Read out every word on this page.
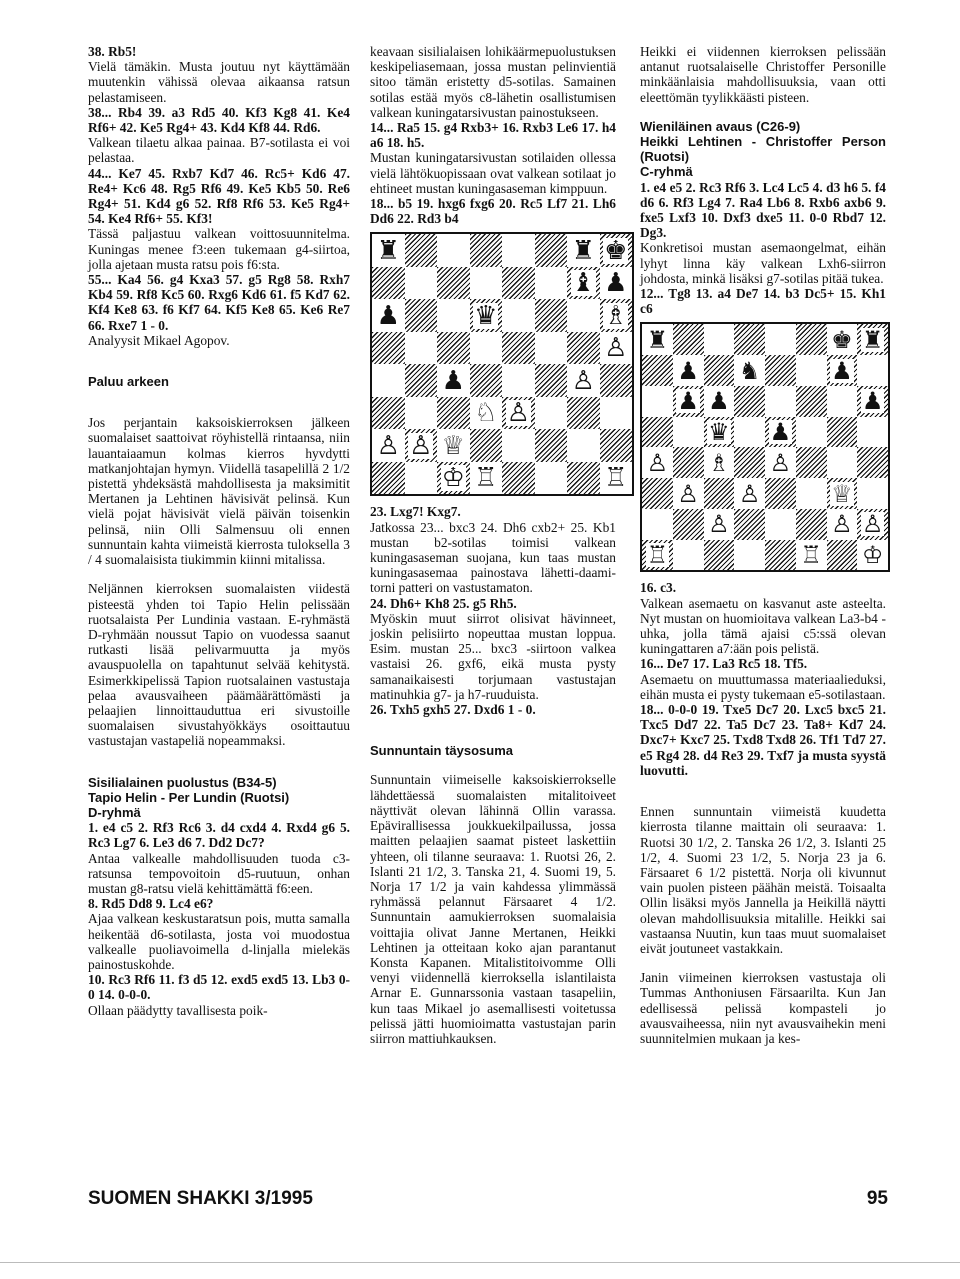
38. Rb5!

Vielä tämäkin. Musta joutuu nyt käyttämään muutenkin vähissä olevaa aikaansa ratsun pelastamiseen.

38... Rb4 39. a3 Rd5 40. Kf3 Kg8 41. Ke4 Rf6+ 42. Ke5 Rg4+ 43. Kd4 Kf8 44. Rd6.

Valkean tilaetu alkaa painaa. B7-sotilasta ei voi pelastaa.

44... Ke7 45. Rxb7 Kd7 46. Rc5+ Kd6 47. Re4+ Kc6 48. Rg5 Rf6 49. Ke5 Kb5 50. Re6 Rg4+ 51. Kd4 g6 52. Rf8 Rf6 53. Ke5 Rg4+ 54. Ke4 Rf6+ 55. Kf3!

Tässä paljastuu valkean voittosuunnitelma. Kuningas menee f3:een tukemaan g4-siirtoa, jolla ajetaan musta ratsu pois f6:sta.

55... Ka4 56. g4 Kxa3 57. g5 Rg8 58. Rxh7 Kb4 59. Rf8 Kc5 60. Rxg6 Kd6 61. f5 Kd7 62. Kf4 Ke8 63. f6 Kf7 64. Kf5 Ke8 65. Ke6 Re7 66. Rxe7 1 - 0.

Analyysit Mikael Agopov.

Paluu arkeen

Jos perjantain kaksoiskierroksen jälkeen suomalaiset saattoivat röyhistellä rintaansa, niin lauantaiaamun kolmas kierros hyvdytti matkanjohtajan hymyn. Viidellä tasapelillä 2 1/2 pistettä yhdeksästä mahdollisesta ja maksimitit Mertanen ja Lehtinen hävisivät pelinsä. Kun vielä pojat hävisivät vielä päivän toisenkin pelinsä, niin Olli Salmensuu oli ennen sunnuntain kahta viimeistä kierrosta tuloksella 3 / 4 suomalaisista tiukimmin kiinni mitalissa.

Neljännen kierroksen suomalaisten viidestä pisteestä yhden toi Tapio Helin pelissään ruotsalaista Per Lundinia vastaan. E-ryhmästä D-ryhmään noussut Tapio on vuodessa saanut rutkasti lisää pelivarmuutta ja myös avauspuolella on tapahtunut selvää kehitystä. Esimerkkipelissä Tapion ruotsalainen vastustaja pelaa avausvaiheen päämäärättömästi ja pelaajien linnoittauduttua eri sivustoille suomalaisen sivustahyökkäys osoittautuu vastustajan vastapeliä nopeammaksi.

Sisilialainen puolustus (B34-5)

Tapio Helin - Per Lundin (Ruotsi)

D-ryhmä

1. e4 c5 2. Rf3 Rc6 3. d4 cxd4 4. Rxd4 g6 5. Rc3 Lg7 6. Le3 d6 7. Dd2 Dc7?

Antaa valkealle mahdollisuuden tuoda c3-ratsunsa tempovoitoin d5-ruutuun, onhan mustan g8-ratsu vielä kehittämättä f6:een.

8. Rd5 Dd8 9. Lc4 e6?

Ajaa valkean keskustaratsun pois, mutta samalla heikentää d6-sotilasta, josta voi muodostua valkealle puoliavoimella d-linjalla mielekäs painostuskohde.

10. Rc3 Rf6 11. f3 d5 12. exd5 exd5 13. Lb3 0-0 14. 0-0-0.

Ollaan päädytty tavallisesta poik-

keavaan sisilialaisen lohikäärmepuolustuksen keskipeliasemaan, jossa mustan pelinvientiä sitoo tämän eristetty d5-sotilas. Samainen sotilas estää myös c8-lähetin osallistumisen valkean kuningatarsivustan painostukseen.

14... Ra5 15. g4 Rxb3+ 16. Rxb3 Le6 17. h4 a6 18. h5.

Mustan kuningatarsivustan sotilaiden ollessa vielä lähtökuopissaan ovat valkean sotilaat jo ehtineet mustan kuningasaseman kimppuun.

18... b5 19. hxg6 fxg6 20. Rc5 Lf7 21. Lh6 Dd6 22. Rd3 b4

♜	♜ ♚
♝ ♟
♟	♛	♗
♙
♟	♙
♘ ♙
♙ ♙ ♕
♔ ♖	♖

23. Lxg7! Kxg7.

Jatkossa 23... bxc3 24. Dh6 cxb2+ 25. Kb1 mustan b2-sotilas toimisi valkean kuningasaseman suojana, kun taas mustan kuningasasemaa painostava lähetti-daami-torni patteri on vastustamaton.

24. Dh6+ Kh8 25. g5 Rh5.

Myöskin muut siirrot olisivat hävinneet, joskin pelisiirto nopeuttaa mustan loppua. Esim. mustan 25... bxc3 -siirtoon valkea vastaisi 26. gxf6, eikä musta pysty samanaikaisesti torjumaan vastustajan matinuhkia g7- ja h7-ruuduista.

26. Txh5 gxh5 27. Dxd6 1 - 0.

Sunnuntain täysosuma

Sunnuntain viimeiselle kaksoiskierrokselle lähdettäessä suomalaisten mitalitoiveet näyttivät olevan lähinnä Ollin varassa. Epävirallisessa joukkuekilpailussa, jossa maitten pelaajien saamat pisteet laskettiin yhteen, oli tilanne seuraava: 1. Ruotsi 26, 2. Islanti 21 1/2, 3. Tanska 21, 4. Suomi 19, 5. Norja 17 1/2 ja vain kahdessa ylimmässä ryhmässä pelannut Färsaaret 4 1/2. Sunnuntain aamukierroksen suomalaisia voittajia olivat Janne Mertanen, Heikki Lehtinen ja otteitaan koko ajan parantanut Konsta Kapanen. Mitalistitoivomme Olli venyi viidennellä kierroksella islantilaista Arnar E. Gunnarssonia vastaan tasapeliin, kun taas Mikael jo asemallisesti voitetussa pelissä jätti huomioimatta vastustajan parin siirron mattiuhkauksen.

Heikki ei viidennen kierroksen pelissään antanut ruotsalaiselle Christoffer Personille minkäänlaisia mahdollisuuksia, vaan otti eleettömän tyylikkäästi pisteen.

Wieniläinen avaus (C26-9)

Heikki Lehtinen - Christoffer Person (Ruotsi)

C-ryhmä

1. e4 e5 2. Rc3 Rf6 3. Lc4 Lc5 4. d3 h6 5. f4 d6 6. Rf3 Lg4 7. Ra4 Lb6 8. Rxb6 axb6 9. fxe5 Lxf3 10. Dxf3 dxe5 11. 0-0 Rbd7 12. Dg3.

Konkretisoi mustan asemaongelmat, eihän lyhyt linna käy valkean Lxh6-siirron johdosta, minkä lisäksi g7-sotilas pitää tukea.

12... Tg8 13. a4 De7 14. b3 Dc5+ 15. Kh1 c6

♜	♚ ♜
♟ ♞	♟
♟ ♟	♟
♛ ♟
♙ ♗ ♙
♙ ♙	♕
♙	♙ ♙
♖	♖ ♔

16. c3.

Valkean asemaetu on kasvanut aste asteelta. Nyt mustan on huomioitava valkean La3-b4 -uhka, jolla tämä ajaisi c5:ssä olevan kuningattaren a7:ään pois pelistä.

16... De7 17. La3 Rc5 18. Tf5.

Asemaetu on muuttumassa materiaalieduksi, eihän musta ei pysty tukemaan e5-sotilastaan.

18... 0-0-0 19. Txe5 Dc7 20. Lxc5 bxc5 21. Txc5 Dd7 22. Ta5 Dc7 23. Ta8+ Kd7 24. Dxc7+ Kxc7 25. Txd8 Txd8 26. Tf1 Td7 27. e5 Rg4 28. d4 Re3 29. Txf7 ja musta syystä luovutti.

Ennen sunnuntain viimeistä kuudetta kierrosta tilanne maittain oli seuraava: 1. Ruotsi 30 1/2, 2. Tanska 26 1/2, 3. Islanti 25 1/2, 4. Suomi 23 1/2, 5. Norja 23 ja 6. Färsaaret 6 1/2 pistettä. Norja oli kivunnut vain puolen pisteen päähän meistä. Toisaalta Ollin lisäksi myös Jannella ja Heikillä näytti olevan mahdollisuuksia mitalille. Heikki sai vastaansa Nuutin, kun taas muut suomalaiset eivät joutuneet vastakkain.

Janin viimeinen kierroksen vastustaja oli Tummas Anthoniusen Färsaarilta. Kun Jan edellisessä pelissä kompasteli jo avausvaiheessa, niin nyt avausvaihekin meni suunnitelmien mukaan ja kes-

SUOMEN SHAKKI 3/1995	95
